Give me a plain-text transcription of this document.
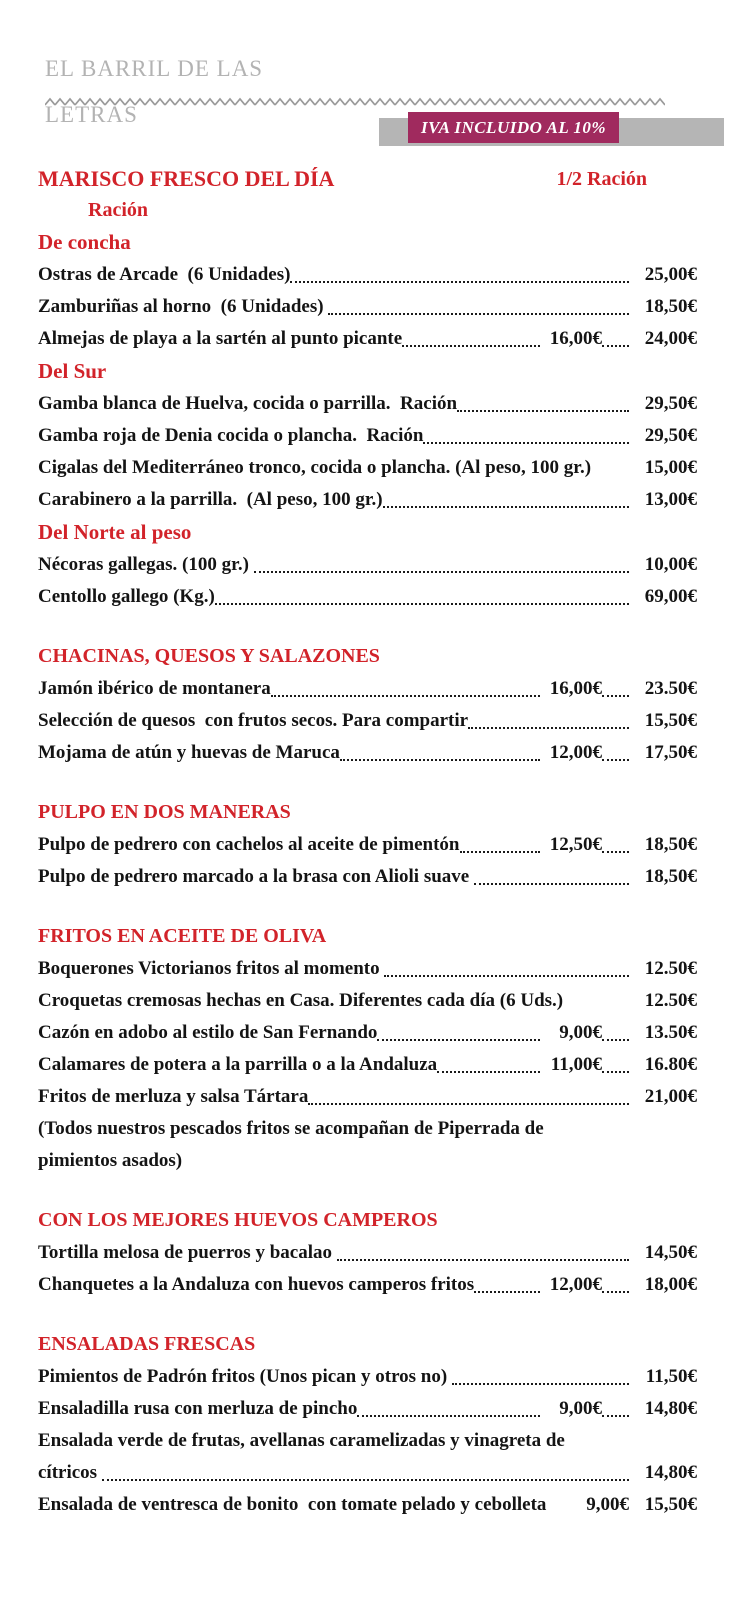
EL BARRIL DE LAS
LETRAS	IVA INCLUIDO AL 10%
MARISCO FRESCO DEL DÍA	1/2 Ración
Ración
De concha
Ostras de Arcade  (6 Unidades)	25,00€
Zamburiñas al horno  (6 Unidades)	18,50€
Almejas de playa a la sartén al punto picante	16,00€	24,00€
Del Sur
Gamba blanca de Huelva, cocida o parrilla.  Ración	29,50€
Gamba roja de Denia cocida o plancha.  Ración	29,50€
Cigalas del Mediterráneo tronco, cocida o plancha. (Al peso, 100 gr.)	15,00€
Carabinero a la parrilla.  (Al peso, 100 gr.)	13,00€
Del Norte al peso
Nécoras gallegas. (100 gr.)	10,00€
Centollo gallego (Kg.)	69,00€
CHACINAS, QUESOS Y SALAZONES
Jamón ibérico de montanera	16,00€	23.50€
Selección de quesos  con frutos secos. Para compartir	15,50€
Mojama de atún y huevas de Maruca	12,00€	17,50€
PULPO EN DOS MANERAS
Pulpo de pedrero con cachelos al aceite de pimentón	12,50€	18,50€
Pulpo de pedrero marcado a la brasa con Alioli suave	18,50€
FRITOS EN ACEITE DE OLIVA
Boquerones Victorianos fritos al momento	12.50€
Croquetas cremosas hechas en Casa. Diferentes cada día (6 Uds.)	12.50€
Cazón en adobo al estilo de San Fernando	9,00€	13.50€
Calamares de potera a la parrilla o a la Andaluza	11,00€	16.80€
Fritos de merluza y salsa Tártara	21,00€
(Todos nuestros pescados fritos se acompañan de Piperrada de
pimientos asados)
CON LOS MEJORES HUEVOS CAMPEROS
Tortilla melosa de puerros y bacalao	14,50€
Chanquetes a la Andaluza con huevos camperos fritos	12,00€	18,00€
ENSALADAS FRESCAS
Pimientos de Padrón fritos (Unos pican y otros no)	11,50€
Ensaladilla rusa con merluza de pincho	9,00€	14,80€
Ensalada verde de frutas, avellanas caramelizadas y vinagreta de
cítricos	14,80€
Ensalada de ventresca de bonito  con tomate pelado y cebolleta	9,00€ 15,50€
